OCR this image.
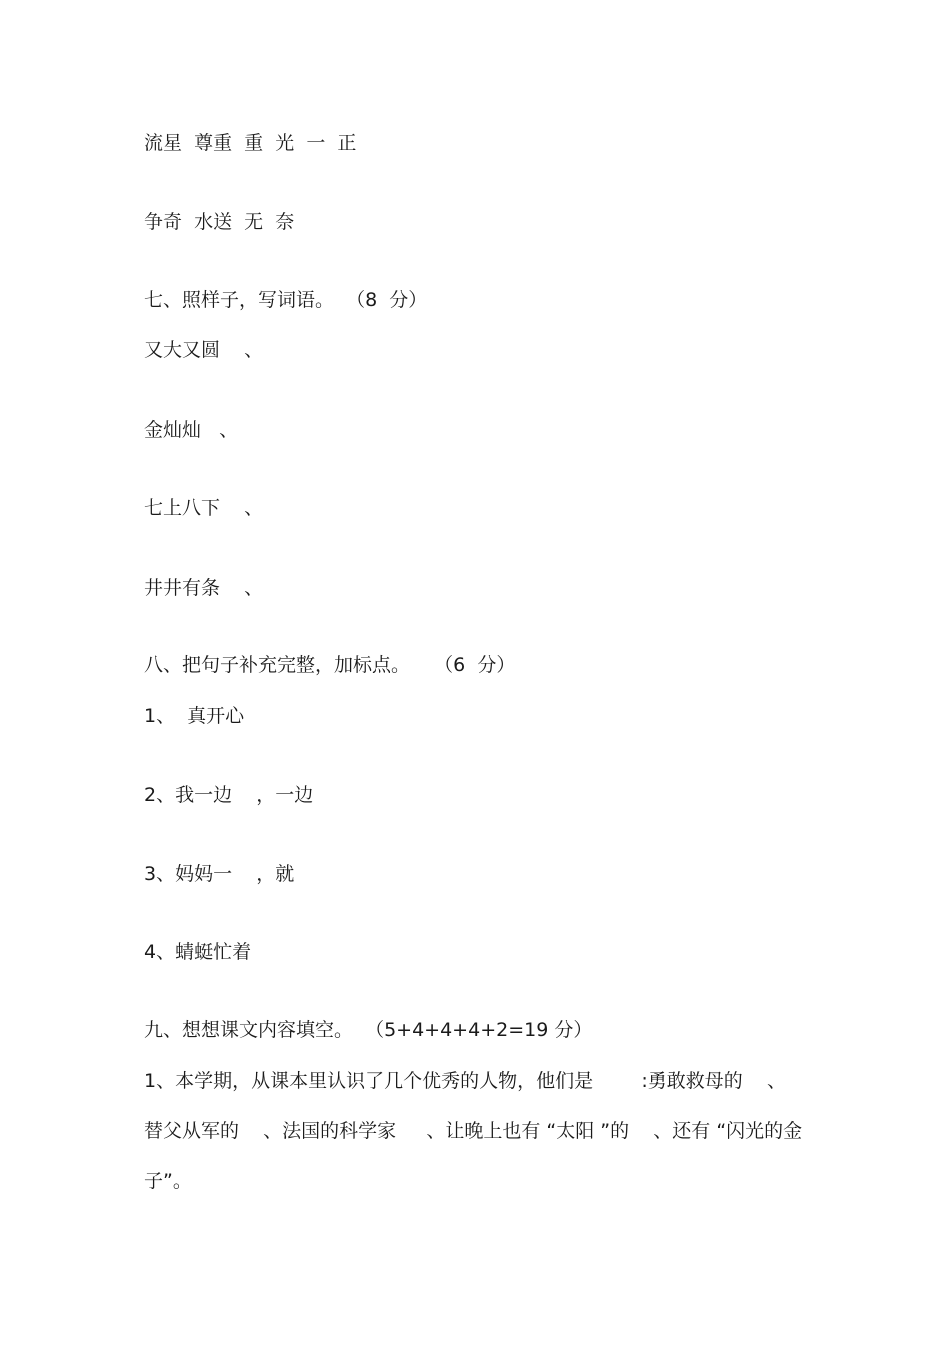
流星  尊重  重  光  一  正

争奇  水送  无  奈

七、照样子，写词语。  （8  分）

又大又圆    、

金灿灿   、

七上八下    、

井井有条    、

八、把句子补充完整，加标点。    （6  分）

1、  真开心

2、我一边    ，一边

3、妈妈一    ，就

4、蜻蜓忙着

九、想想课文内容填空。  （5+4+4+4+2=19 分）

1、本学期，从课本里认识了几个优秀的人物，他们是        :勇敢救母的    、

替父从军的    、法国的科学家     、让晚上也有 “太阳 ”的    、还有 “闪光的金

子”。
